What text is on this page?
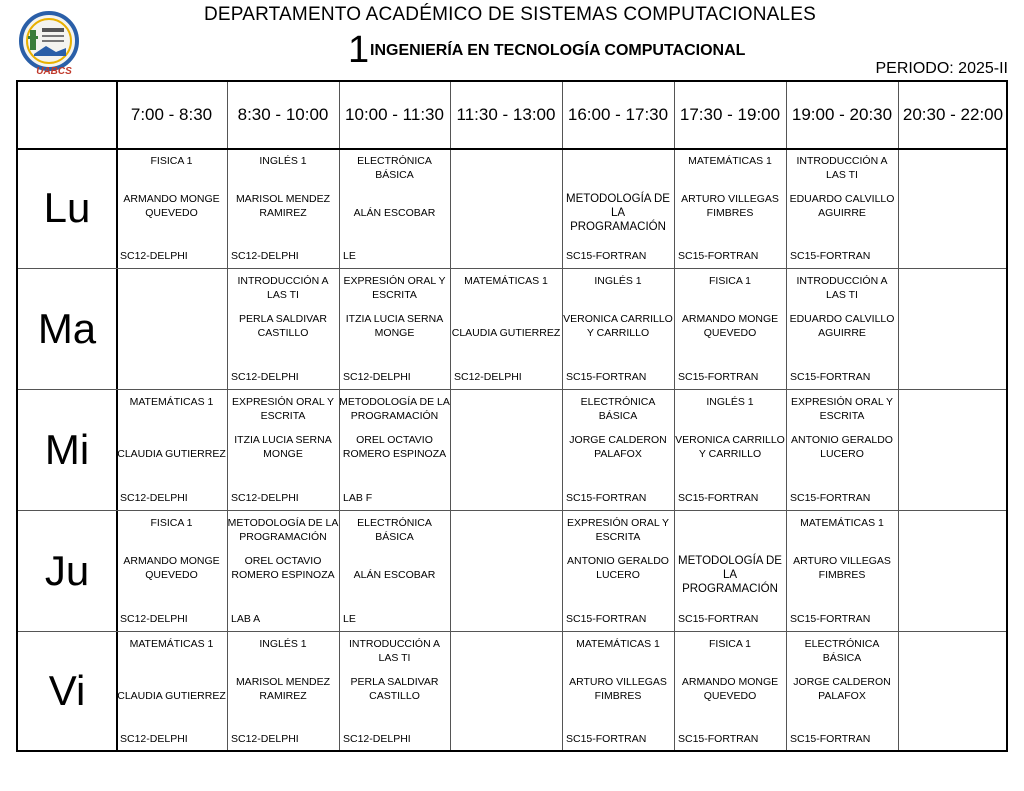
UABCS
DEPARTAMENTO ACADÉMICO DE SISTEMAS COMPUTACIONALES
1 INGENIERÍA EN TECNOLOGÍA COMPUTACIONAL
PERIODO: 2025-II
7:00 - 8:30	8:30 - 10:00 10:00 - 11:30 11:30 - 13:00 16:00 - 17:30 17:30 - 19:00 19:00 - 20:30 20:30 - 22:00
Lu
FISICA 1
ARMANDO MONGE QUEVEDO
SC12-DELPHI
INGLÉS 1
MARISOL MENDEZ RAMIREZ
SC12-DELPHI
ELECTRÓNICA BÁSICA
ALÁN ESCOBAR
LE
METODOLOGÍA DE LA PROGRAMACIÓN
SC15-FORTRAN
MATEMÁTICAS 1
ARTURO VILLEGAS FIMBRES
SC15-FORTRAN
INTRODUCCIÓN A LAS TI
EDUARDO CALVILLO AGUIRRE
SC15-FORTRAN
Ma
INTRODUCCIÓN A LAS TI
PERLA SALDIVAR CASTILLO
SC12-DELPHI
EXPRESIÓN ORAL Y ESCRITA
ITZIA LUCIA SERNA MONGE
SC12-DELPHI
MATEMÁTICAS 1
CLAUDIA GUTIERREZ
SC12-DELPHI
INGLÉS 1
VERONICA CARRILLO Y CARRILLO
SC15-FORTRAN
FISICA 1
ARMANDO MONGE QUEVEDO
SC15-FORTRAN
INTRODUCCIÓN A LAS TI
EDUARDO CALVILLO AGUIRRE
SC15-FORTRAN
Mi
MATEMÁTICAS 1
CLAUDIA GUTIERREZ
SC12-DELPHI
EXPRESIÓN ORAL Y ESCRITA
ITZIA LUCIA SERNA MONGE
SC12-DELPHI
METODOLOGÍA DE LA PROGRAMACIÓN
OREL OCTAVIO ROMERO ESPINOZA
LAB F
ELECTRÓNICA BÁSICA
JORGE CALDERON PALAFOX
SC15-FORTRAN
INGLÉS 1
VERONICA CARRILLO Y CARRILLO
SC15-FORTRAN
EXPRESIÓN ORAL Y ESCRITA
ANTONIO GERALDO LUCERO
SC15-FORTRAN
Ju
FISICA 1
ARMANDO MONGE QUEVEDO
SC12-DELPHI
METODOLOGÍA DE LA PROGRAMACIÓN
OREL OCTAVIO ROMERO ESPINOZA
LAB A
ELECTRÓNICA BÁSICA
ALÁN ESCOBAR
LE
EXPRESIÓN ORAL Y ESCRITA
ANTONIO GERALDO LUCERO
SC15-FORTRAN
METODOLOGÍA DE LA PROGRAMACIÓN
SC15-FORTRAN
MATEMÁTICAS 1
ARTURO VILLEGAS FIMBRES
SC15-FORTRAN
Vi
MATEMÁTICAS 1
CLAUDIA GUTIERREZ
SC12-DELPHI
INGLÉS 1
MARISOL MENDEZ RAMIREZ
SC12-DELPHI
INTRODUCCIÓN A LAS TI
PERLA SALDIVAR CASTILLO
SC12-DELPHI
MATEMÁTICAS 1
ARTURO VILLEGAS FIMBRES
SC15-FORTRAN
FISICA 1
ARMANDO MONGE QUEVEDO
SC15-FORTRAN
ELECTRÓNICA BÁSICA
JORGE CALDERON PALAFOX
SC15-FORTRAN
